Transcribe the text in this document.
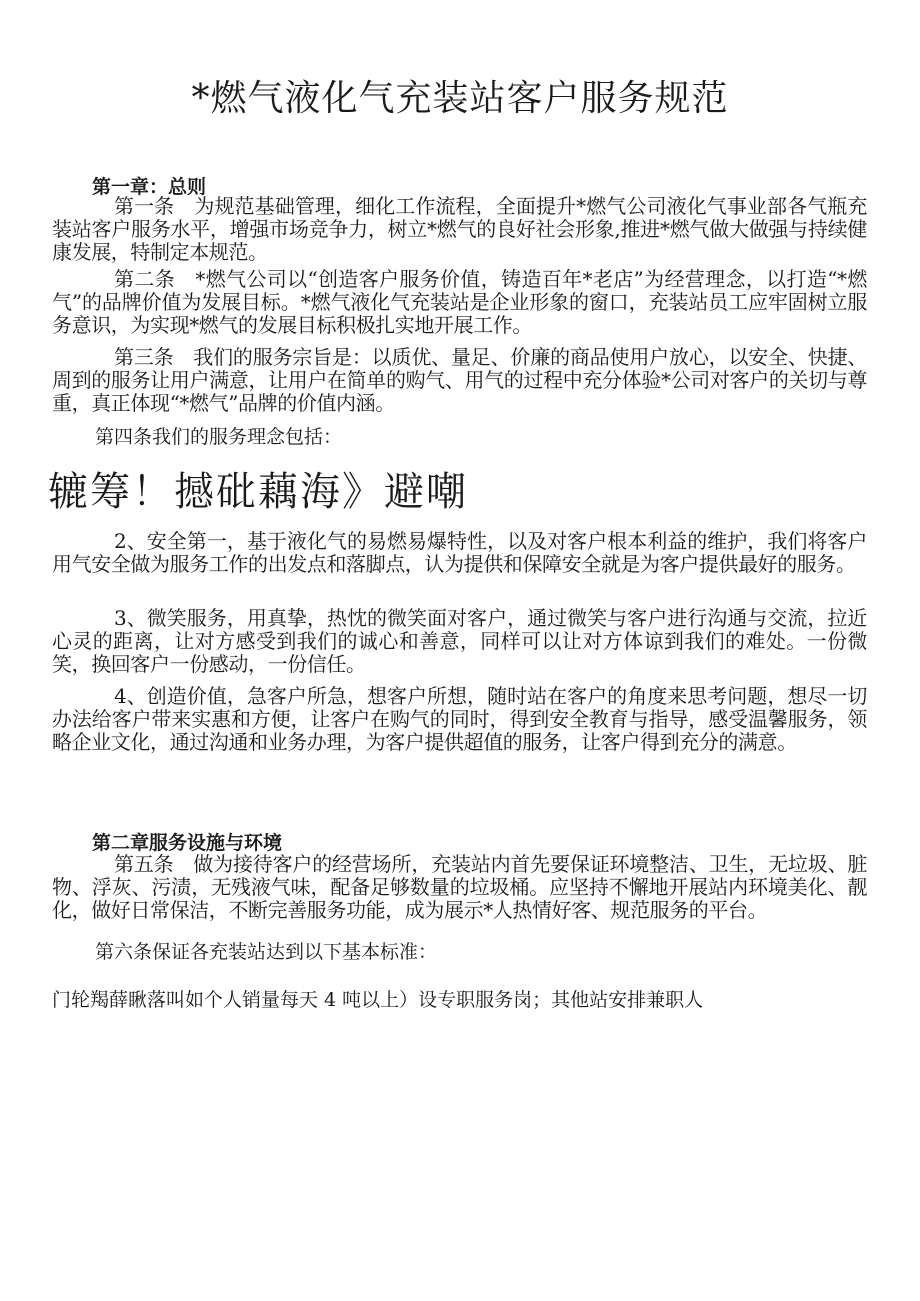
*燃气液化气充装站客户服务规范
第一章：总则
第一条　为规范基础管理，细化工作流程，全面提升*燃气公司液化气事业部各气瓶充装站客户服务水平，增强市场竞争力，树立*燃气的良好社会形象,推进*燃气做大做强与持续健康发展，特制定本规范。
第二条　*燃气公司以“创造客户服务价值，铸造百年*老店”为经营理念，以打造“*燃气”的品牌价值为发展目标。*燃气液化气充装站是企业形象的窗口，充装站员工应牢固树立服务意识，为实现*燃气的发展目标积极扎实地开展工作。
第三条　我们的服务宗旨是：以质优、量足、价廉的商品使用户放心，以安全、快捷、周到的服务让用户满意，让用户在简单的购气、用气的过程中充分体验*公司对客户的关切与尊重，真正体现“*燃气”品牌的价值内涵。
第四条我们的服务理念包括：
辘筹！撼砒藕海》避嘲
2、安全第一，基于液化气的易燃易爆特性，以及对客户根本利益的维护，我们将客户用气安全做为服务工作的出发点和落脚点，认为提供和保障安全就是为客户提供最好的服务。
3、微笑服务，用真挚，热忱的微笑面对客户，通过微笑与客户进行沟通与交流，拉近心灵的距离，让对方感受到我们的诚心和善意，同样可以让对方体谅到我们的难处。一份微笑，换回客户一份感动，一份信任。
4、创造价值，急客户所急，想客户所想，随时站在客户的角度来思考问题，想尽一切办法给客户带来实惠和方便，让客户在购气的同时，得到安全教育与指导，感受温馨服务，领略企业文化，通过沟通和业务办理，为客户提供超值的服务，让客户得到充分的满意。
第二章服务设施与环境
第五条　做为接待客户的经营场所，充装站内首先要保证环境整洁、卫生，无垃圾、脏物、浮灰、污渍，无残液气味，配备足够数量的垃圾桶。应坚持不懈地开展站内环境美化、靓化，做好日常保洁，不断完善服务功能，成为展示*人热情好客、规范服务的平台。
第六条保证各充装站达到以下基本标准：
门轮羯薛瞅落叫如个人销量每天 4 吨以上）设专职服务岗；其他站安排兼职人
